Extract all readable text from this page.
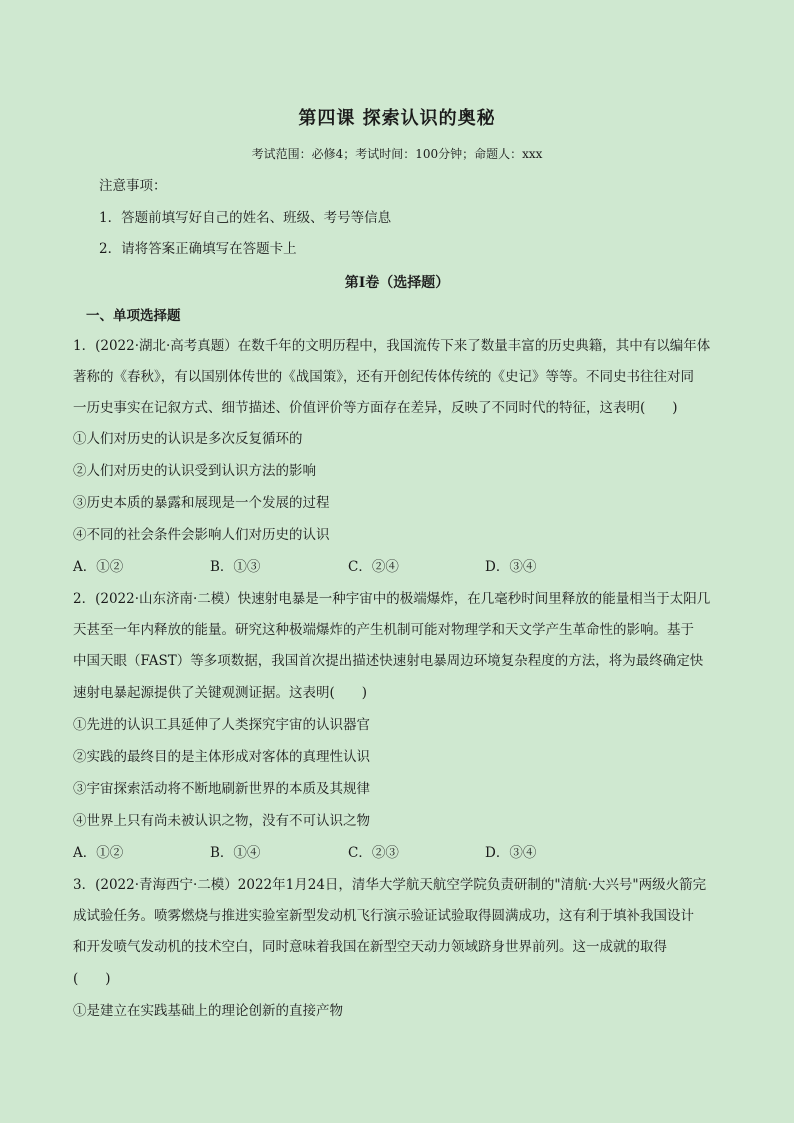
第四课 探索认识的奥秘
考试范围：必修4；考试时间：100分钟；命题人：xxx
注意事项：
1．答题前填写好自己的姓名、班级、考号等信息
2．请将答案正确填写在答题卡上
第I卷（选择题）
一、单项选择题
1．(2022·湖北·高考真题）在数千年的文明历程中，我国流传下来了数量丰富的历史典籍，其中有以编年体
著称的《春秋》，有以国别体传世的《战国策》，还有开创纪传体传统的《史记》等等。不同史书往往对同
一历史事实在记叙方式、细节描述、价值评价等方面存在差异，反映了不同时代的特征，这表明(　　)
①人们对历史的认识是多次反复循环的
②人们对历史的认识受到认识方法的影响
③历史本质的暴露和展现是一个发展的过程
④不同的社会条件会影响人们对历史的认识
A．①②	B．①③	C．②④	D．③④
2．(2022·山东济南·二模）快速射电暴是一种宇宙中的极端爆炸，在几毫秒时间里释放的能量相当于太阳几
天甚至一年内释放的能量。研究这种极端爆炸的产生机制可能对物理学和天文学产生革命性的影响。基于
中国天眼（FAST）等多项数据，我国首次提出描述快速射电暴周边环境复杂程度的方法，将为最终确定快
速射电暴起源提供了关键观测证据。这表明(　　)
①先进的认识工具延伸了人类探究宇宙的认识器官
②实践的最终目的是主体形成对客体的真理性认识
③宇宙探索活动将不断地刷新世界的本质及其规律
④世界上只有尚未被认识之物，没有不可认识之物
A．①②	B．①④	C．②③	D．③④
3．(2022·青海西宁·二模）2022年1月24日，清华大学航天航空学院负责研制的"清航·大兴号"两级火箭完
成试验任务。喷雾燃烧与推进实验室新型发动机飞行演示验证试验取得圆满成功，这有利于填补我国设计
和开发喷气发动机的技术空白，同时意味着我国在新型空天动力领域跻身世界前列。这一成就的取得
(　　)
①是建立在实践基础上的理论创新的直接产物
